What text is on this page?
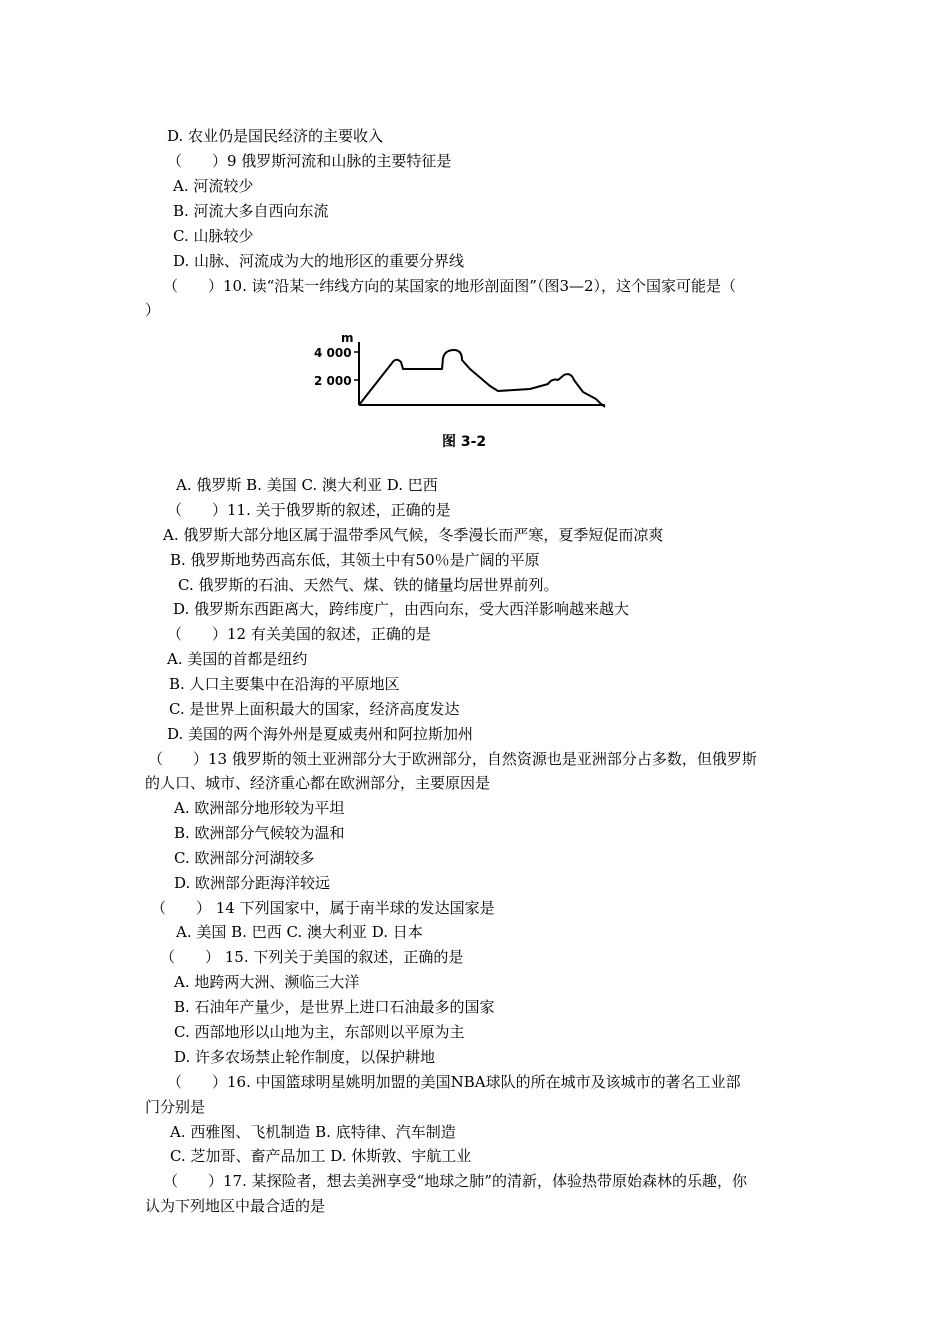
D. 农业仍是国民经济的主要收入
（　　）9 俄罗斯河流和山脉的主要特征是
A. 河流较少
B. 河流大多自西向东流
C. 山脉较少
D. 山脉、河流成为大的地形区的重要分界线
（　　）10. 读“沿某一纬线方向的某国家的地形剖面图”（图3—2），这个国家可能是（
）
m
4 000
2 000
图 3-2
A. 俄罗斯 B. 美国 C. 澳大利亚 D. 巴西
（　　）11. 关于俄罗斯的叙述，正确的是
A. 俄罗斯大部分地区属于温带季风气候，冬季漫长而严寒，夏季短促而凉爽
B. 俄罗斯地势西高东低，其领土中有50％是广阔的平原
C. 俄罗斯的石油、天然气、煤、铁的储量均居世界前列。
D. 俄罗斯东西距离大，跨纬度广，由西向东，受大西洋影响越来越大
（　　）12 有关美国的叙述，正确的是
A. 美国的首都是纽约
B. 人口主要集中在沿海的平原地区
C. 是世界上面积最大的国家，经济高度发达
D. 美国的两个海外州是夏威夷州和阿拉斯加州
（　　）13 俄罗斯的领土亚洲部分大于欧洲部分，自然资源也是亚洲部分占多数，但俄罗斯
的人口、城市、经济重心都在欧洲部分，主要原因是
A. 欧洲部分地形较为平坦
B. 欧洲部分气候较为温和
C. 欧洲部分河湖较多
D. 欧洲部分距海洋较远
（　　） 14 下列国家中，属于南半球的发达国家是
A. 美国 B. 巴西 C. 澳大利亚 D. 日本
（　　） 15. 下列关于美国的叙述，正确的是
A. 地跨两大洲、濒临三大洋
B. 石油年产量少，是世界上进口石油最多的国家
C. 西部地形以山地为主，东部则以平原为主
D. 许多农场禁止轮作制度，以保护耕地
（　　）16. 中国篮球明星姚明加盟的美国NBA球队的所在城市及该城市的著名工业部
门分别是
A. 西雅图、飞机制造 B. 底特律、汽车制造
C. 芝加哥、畜产品加工 D. 休斯敦、宇航工业
（　　）17. 某探险者，想去美洲享受“地球之肺”的清新，体验热带原始森林的乐趣，你
认为下列地区中最合适的是
